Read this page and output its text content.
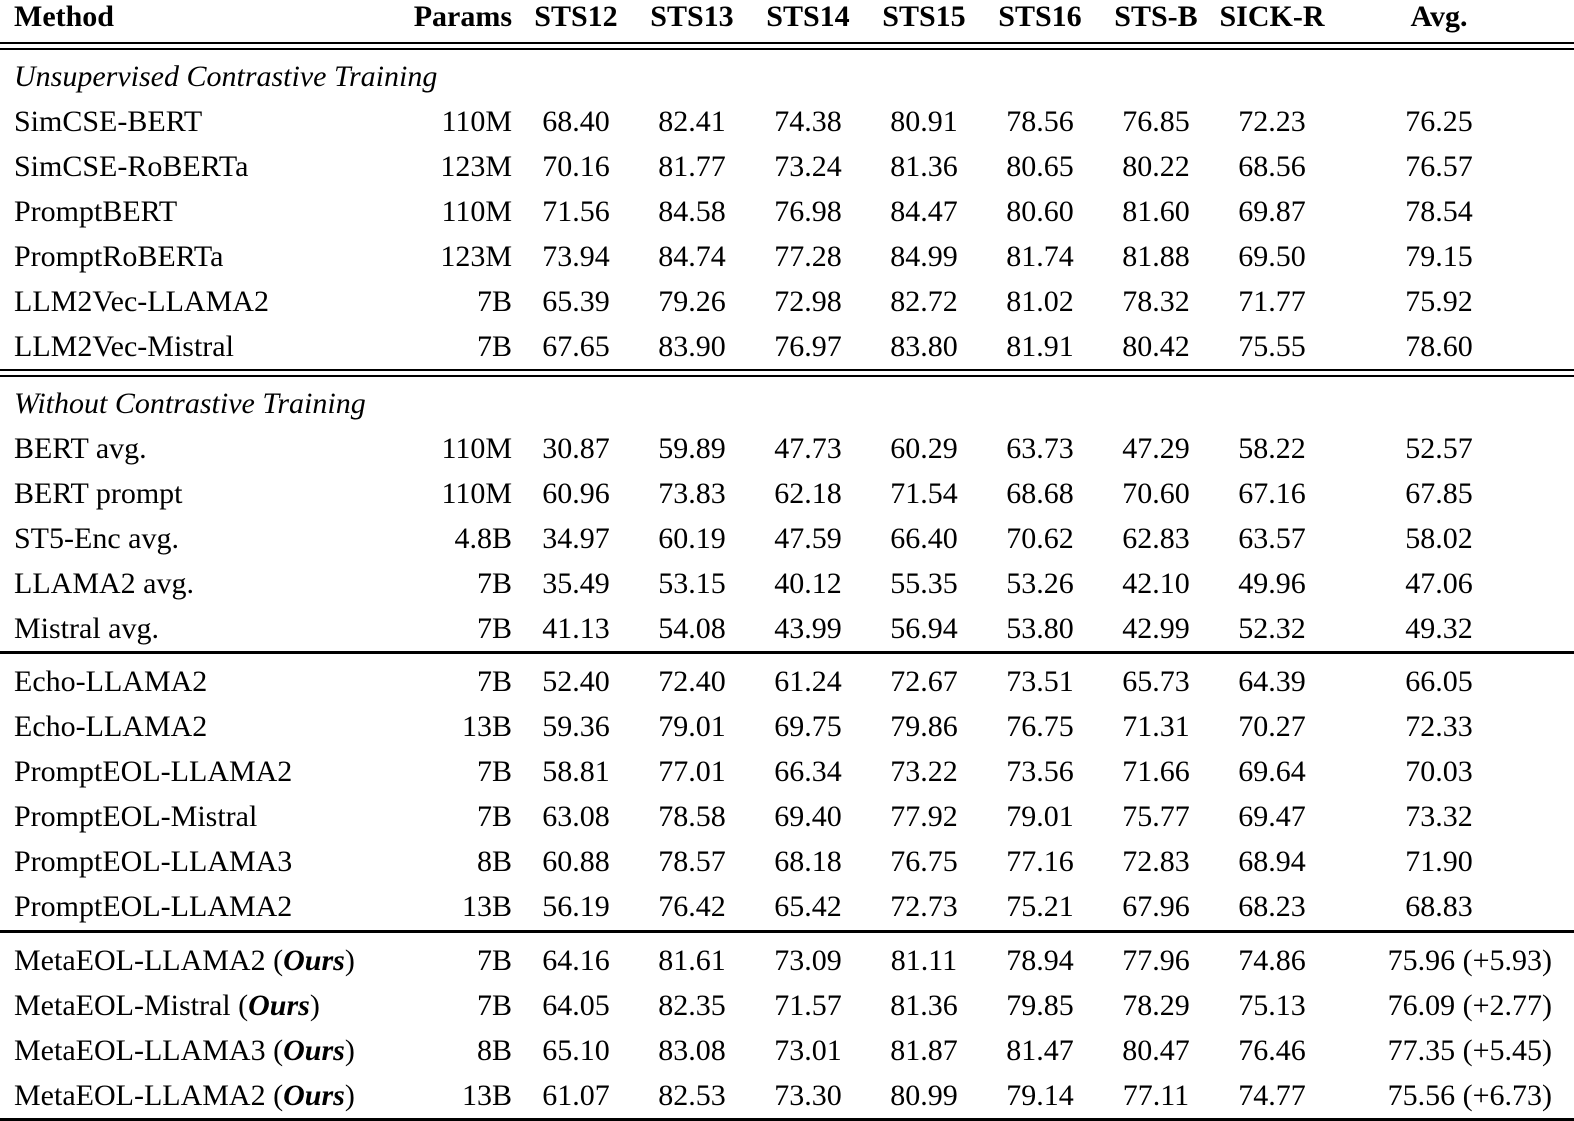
Method	Params	STS12	STS13	STS14	STS15	STS16	STS-B	SICK-R	Avg.

Unsupervised Contrastive Training									
SimCSE-BERT	110M	68.40	82.41	74.38	80.91	78.56	76.85	72.23	76.25
SimCSE-RoBERTa	123M	70.16	81.77	73.24	81.36	80.65	80.22	68.56	76.57
PromptBERT	110M	71.56	84.58	76.98	84.47	80.60	81.60	69.87	78.54
PromptRoBERTa	123M	73.94	84.74	77.28	84.99	81.74	81.88	69.50	79.15
LLM2Vec-LLAMA2	7B	65.39	79.26	72.98	82.72	81.02	78.32	71.77	75.92
LLM2Vec-Mistral	7B	67.65	83.90	76.97	83.80	81.91	80.42	75.55	78.60

Without Contrastive Training									
BERT avg.	110M	30.87	59.89	47.73	60.29	63.73	47.29	58.22	52.57
BERT prompt	110M	60.96	73.83	62.18	71.54	68.68	70.60	67.16	67.85
ST5-Enc avg.	4.8B	34.97	60.19	47.59	66.40	70.62	62.83	63.57	58.02
LLAMA2 avg.	7B	35.49	53.15	40.12	55.35	53.26	42.10	49.96	47.06
Mistral avg.	7B	41.13	54.08	43.99	56.94	53.80	42.99	52.32	49.32

Echo-LLAMA2	7B	52.40	72.40	61.24	72.67	73.51	65.73	64.39	66.05
Echo-LLAMA2	13B	59.36	79.01	69.75	79.86	76.75	71.31	70.27	72.33
PromptEOL-LLAMA2	7B	58.81	77.01	66.34	73.22	73.56	71.66	69.64	70.03
PromptEOL-Mistral	7B	63.08	78.58	69.40	77.92	79.01	75.77	69.47	73.32
PromptEOL-LLAMA3	8B	60.88	78.57	68.18	76.75	77.16	72.83	68.94	71.90
PromptEOL-LLAMA2	13B	56.19	76.42	65.42	72.73	75.21	67.96	68.23	68.83

MetaEOL-LLAMA2 (Ours)	7B	64.16	81.61	73.09	81.11	78.94	77.96	74.86	75.96 (+5.93)
MetaEOL-Mistral (Ours)	7B	64.05	82.35	71.57	81.36	79.85	78.29	75.13	76.09 (+2.77)
MetaEOL-LLAMA3 (Ours)	8B	65.10	83.08	73.01	81.87	81.47	80.47	76.46	77.35 (+5.45)
MetaEOL-LLAMA2 (Ours)	13B	61.07	82.53	73.30	80.99	79.14	77.11	74.77	75.56 (+6.73)
